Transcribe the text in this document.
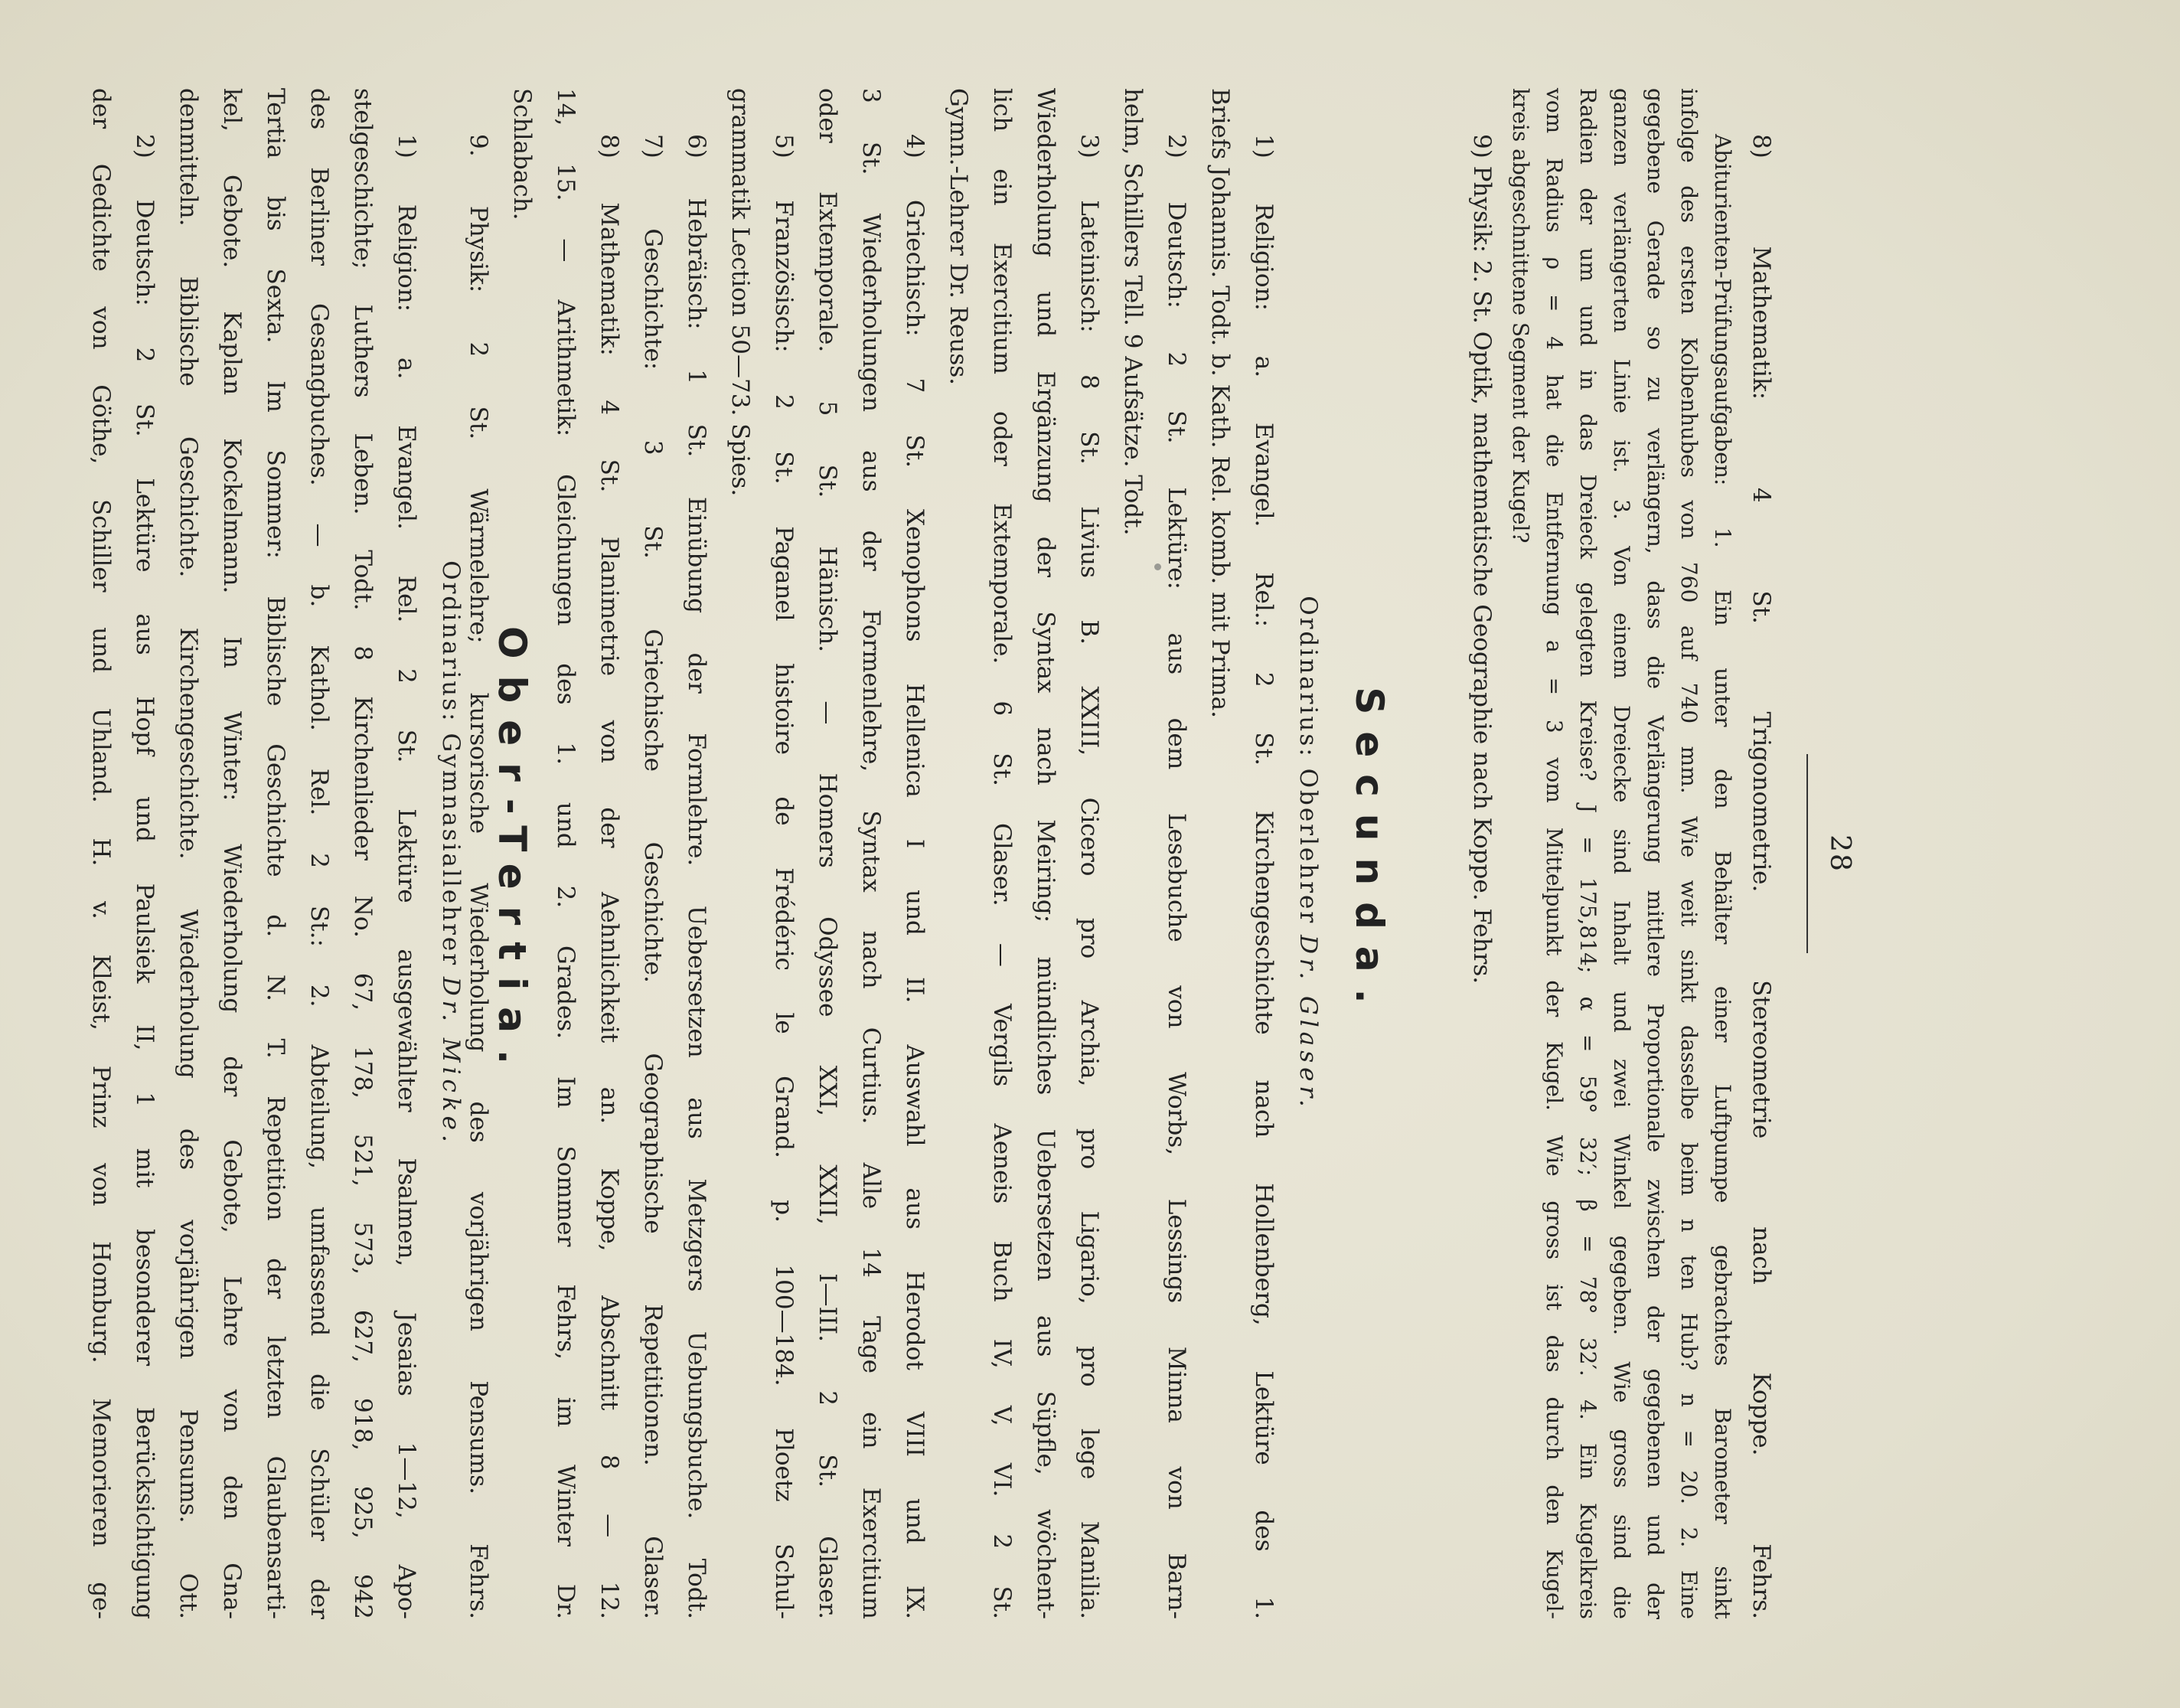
28
8) Mathematik: 4 St. Trigonometrie. Stereometrie nach Koppe. Fehrs.
Abiturienten-Prüfungsaufgaben: 1. Ein unter den Behälter einer Luftpumpe gebrachtes Barometer sinkt
infolge des ersten Kolbenhubes von 760 auf 740 mm. Wie weit sinkt dasselbe beim n ten Hub? n = 20. 2. Eine
gegebene Gerade so zu verlängern, dass die Verlängerung mittlere Proportionale zwischen der gegebenen und der
ganzen verlängerten Linie ist. 3. Von einem Dreiecke sind Inhalt und zwei Winkel gegeben. Wie gross sind die
Radien der um und in das Dreieck gelegten Kreise? J = 175,814; α = 59° 32′; β = 78° 32′. 4. Ein Kugelkreis
vom Radius ρ = 4 hat die Entfernung a = 3 vom Mittelpunkt der Kugel. Wie gross ist das durch den Kugel-
kreis abgeschnittene Segment der Kugel?
9) Physik: 2. St. Optik, mathematische Geographie nach Koppe. Fehrs.
Secunda.
Ordinarius: Oberlehrer Dr. Glaser.
1) Religion: a. Evangel. Rel.: 2 St. Kirchengeschichte nach Hollenberg, Lektüre des 1.
Briefs Johannis. Todt. b. Kath. Rel. komb. mit Prima.
2) Deutsch: 2 St. Lektüre: aus dem Lesebuche von Worbs, Lessings Minna von Barn-
helm, Schillers Tell. 9 Aufsätze. Todt.
3) Lateinisch: 8 St. Livius B. XXIII, Cicero pro Archia, pro Ligario, pro lege Manilia.
Wiederholung und Ergänzung der Syntax nach Meiring; mündliches Uebersetzen aus Süpfle, wöchent-
lich ein Exercitium oder Extemporale. 6 St. Glaser. — Vergils Aeneis Buch IV, V, VI. 2 St.
Gymn.-Lehrer Dr. Reuss.
4) Griechisch: 7 St. Xenophons Hellenica I und II. Auswahl aus Herodot VIII und IX.
3 St. Wiederholungen aus der Formenlehre, Syntax nach Curtius. Alle 14 Tage ein Exercitium
oder Extemporale. 5 St. Hänisch. — Homers Odyssee XXI, XXII, I—III. 2 St. Glaser.
5) Französisch: 2 St. Paganel histoire de Frédéric le Grand. p. 100—184. Ploetz Schul-
grammatik Lection 50—73. Spies.
6) Hebräisch: 1 St. Einübung der Formlehre. Uebersetzen aus Metzgers Uebungsbuche. Todt.
7) Geschichte: 3 St. Griechische Geschichte. Geographische Repetitionen. Glaser.
8) Mathematik: 4 St. Planimetrie von der Aehnlichkeit an. Koppe, Abschnitt 8 — 12.
14, 15. — Arithmetik: Gleichungen des 1. und 2. Grades. Im Sommer Fehrs, im Winter Dr.
Schlabach.
9. Physik: 2 St. Wärmelehre; kursorische Wiederholung des vorjährigen Pensums. Fehrs.
Ordinarius: Gymnasiallehrer Dr. Micke.
1) Religion: a. Evangel. Rel. 2 St. Lektüre ausgewählter Psalmen, Jesaias 1—12, Apo-
stelgeschichte; Luthers Leben. Todt. 8 Kirchenlieder No. 67, 178, 521, 573, 627, 918, 925, 942
des Berliner Gesangbuches. — b. Kathol. Rel. 2 St.: 2. Abteilung, umfassend die Schüler der
Tertia bis Sexta. Im Sommer: Biblische Geschichte d. N. T. Repetition der letzten Glaubensarti-
kel, Gebote. Kaplan Kockelmann. Im Winter: Wiederholung der Gebote, Lehre von den Gna-
denmitteln. Biblische Geschichte. Kirchengeschichte. Wiederholung des vorjährigen Pensums. Ott.
2) Deutsch: 2 St. Lektüre aus Hopf und Paulsiek II, 1 mit besonderer Berücksichtigung
der Gedichte von Göthe, Schiller und Uhland. H. v. Kleist, Prinz von Homburg. Memorieren ge-	Ober-Tertia.
